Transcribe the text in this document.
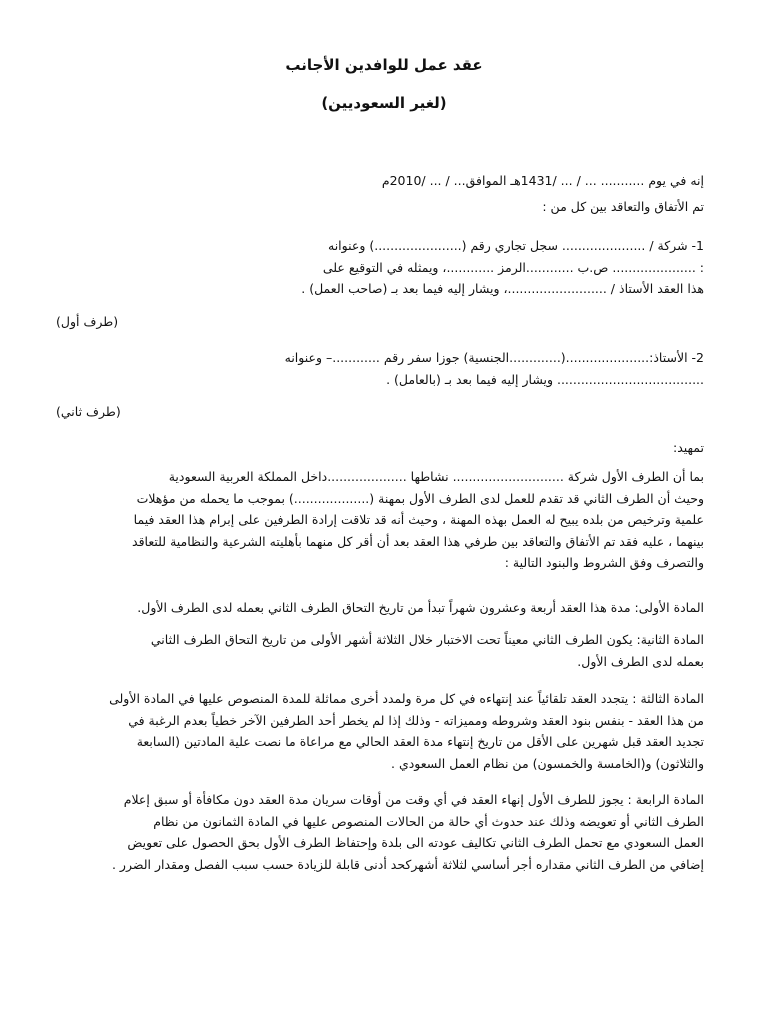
عقد عمل للوافدين الأجانب
(لغير السعوديين)

إنه في يوم ........... ... / ... /1431هـ الموافق... / ... /2010م

تم الأتفاق والتعاقد بين كل من :

1- شركة / ..................... سجل تجاري رقم (......................) وعنوانه
: ..................... ص.ب ............الرمز ............، ويمثله في التوقيع على
هذا العقد الأستاذ / .........................، ويشار إليه فيما بعد بـ (صاحب العمل) .
(طرف أول)
2- الأستاذ:.....................(.............الجنسية) جوزا سفر رقم ............– وعنوانه
..................................... ويشار إليه فيما بعد بـ (بالعامل) .
(طرف ثاني)

تمهيد:

بما أن الطرف الأول شركة ............................ نشاطها ....................داخل المملكة العربية السعودية
وحيث أن الطرف الثاني قد تقدم للعمل لدى الطرف الأول بمهنة (...................) بموجب ما يحمله من مؤهلات
علمية وترخيص من بلده يبيح له العمل بهذه المهنة ، وحيث أنه قد تلاقت إرادة الطرفين على إبرام هذا العقد فيما
بينهما ، عليه فقد تم الأتفاق والتعاقد بين طرفي هذا العقد بعد أن أقر كل منهما بأهليته الشرعية والنظامية للتعاقد
والتصرف وفق الشروط والبنود التالية :
المادة الأولى: مدة هذا العقد أربعة وعشرون شهراً تبدأ من تاريخ التحاق الطرف الثاني بعمله لدى الطرف الأول.
المادة الثانية: يكون الطرف الثاني معيناً تحت الاختبار خلال الثلاثة أشهر الأولى من تاريخ التحاق الطرف الثاني
بعمله لدى الطرف الأول.
المادة الثالثة : يتجدد العقد تلقائياً عند إنتهاءه في كل مرة ولمدد أخرى مماثلة للمدة المنصوص عليها في المادة الأولى
من هذا العقد - بنفس بنود العقد وشروطه ومميزاته - وذلك إذا لم يخطر أحد الطرفين الآخر خطياً بعدم الرغبة في
تجديد العقد قبل شهرين على الأقل من تاريخ إنتهاء مدة العقد الحالي مع مراعاة ما نصت علية المادتين (السابعة
والثلاثون) و(الخامسة والخمسون) من نظام العمل السعودي .
المادة الرابعة : يجوز للطرف الأول إنهاء العقد في أي وقت من أوقات سريان مدة العقد دون مكافأة أو سبق إعلام
الطرف الثاني أو تعويضه وذلك عند حدوث أي حالة من الحالات المنصوص عليها في المادة الثمانون من نظام
العمل السعودي مع تحمل الطرف الثاني تكاليف عودته الى بلدة وإحتفاظ الطرف الأول بحق الحصول على تعويض
إضافي من الطرف الثاني مقداره أجر أساسي لثلاثة أشهركحد أدنى قابلة للزيادة حسب سبب الفصل ومقدار الضرر .
